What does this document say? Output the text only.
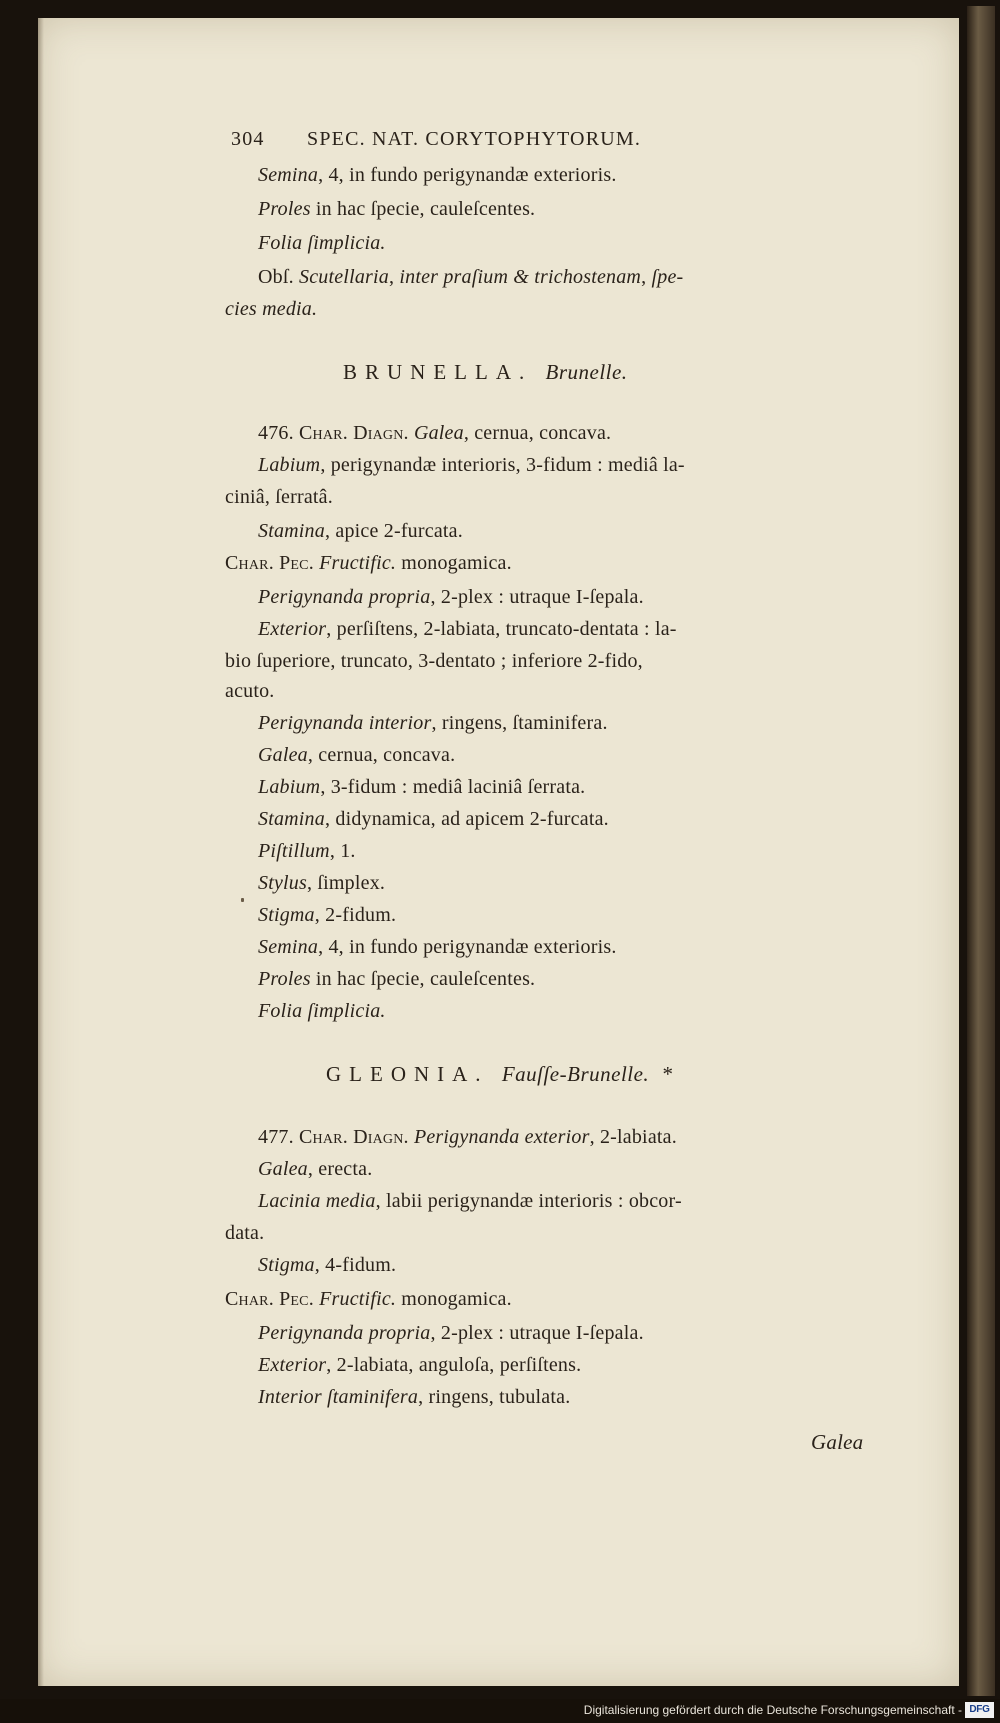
304 SPEC. NAT. CORYTOPHYTORUM.
Semina, 4, in fundo perigynandæ exterioris.
Proles in hac ſpecie, cauleſcentes.
Folia ſimplicia.
Obſ. Scutellaria, inter praſium & trichostenam, ſpe-
cies media.
BRUNELLA. Brunelle.
476. Char. Diagn. Galea, cernua, concava.
Labium, perigynandæ interioris, 3-fidum : mediâ la-
ciniâ, ſerratâ.
Stamina, apice 2-furcata.
Char. Pec. Fructific. monogamica.
Perigynanda propria, 2-plex : utraque I-ſepala.
Exterior, perſiſtens, 2-labiata, truncato-dentata : la-
bio ſuperiore, truncato, 3-dentato ; inferiore 2-fido,
acuto.
Perigynanda interior, ringens, ſtaminifera.
Galea, cernua, concava.
Labium, 3-fidum : mediâ laciniâ ſerrata.
Stamina, didynamica, ad apicem 2-furcata.
Piſtillum, 1.
Stylus, ſimplex.
Stigma, 2-fidum.
Semina, 4, in fundo perigynandæ exterioris.
Proles in hac ſpecie, cauleſcentes.
Folia ſimplicia.
GLEONIA. Fauſſe-Brunelle. *
477. Char. Diagn. Perigynanda exterior, 2-labiata.
Galea, erecta.
Lacinia media, labii perigynandæ interioris : obcor-
data.
Stigma, 4-fidum.
Char. Pec. Fructific. monogamica.
Perigynanda propria, 2-plex : utraque I-ſepala.
Exterior, 2-labiata, anguloſa, perſiſtens.
Interior ſtaminifera, ringens, tubulata.
Galea
Digitalisierung gefördert durch die Deutsche Forschungsgemeinschaft - DFG
